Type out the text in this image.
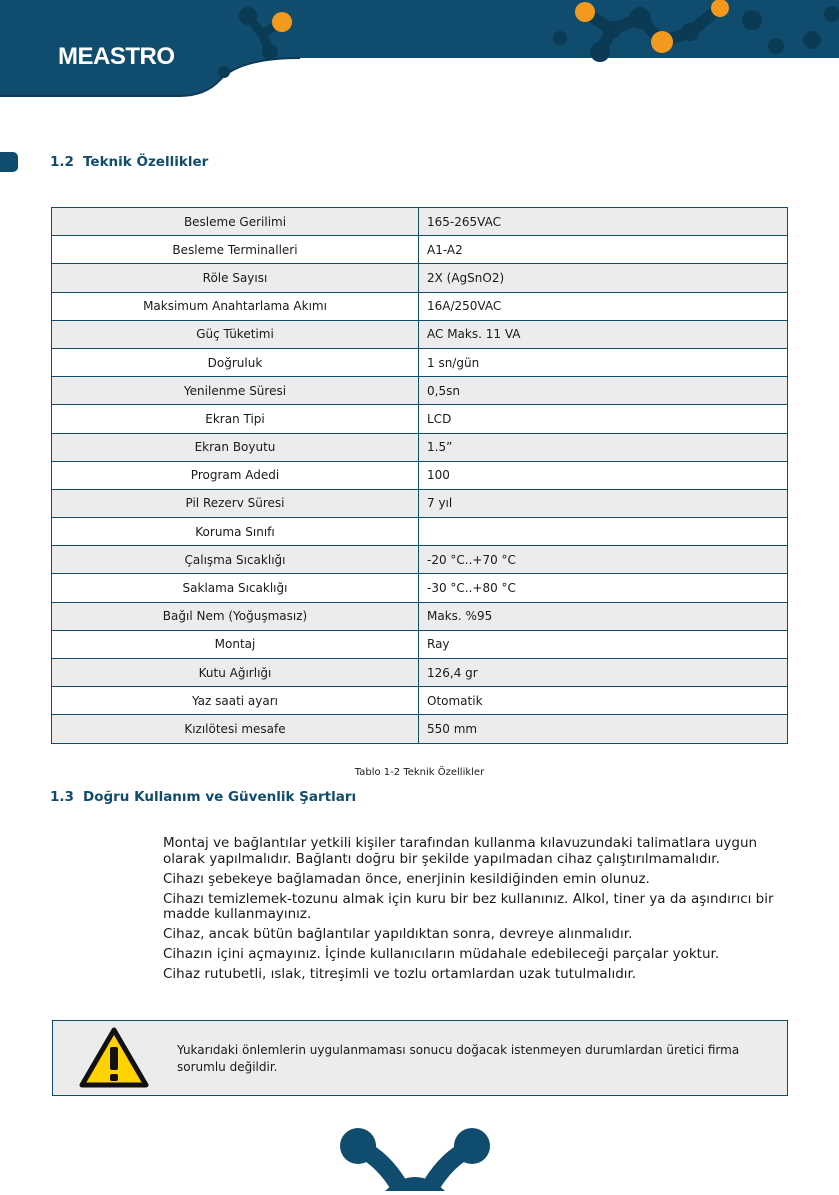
MEASTRO
1.2 Teknik Özellikler
Besleme Gerilimi	165-265VAC
Besleme Terminalleri	A1-A2
Röle Sayısı	2X (AgSnO2)
Maksimum Anahtarlama Akımı	16A/250VAC
Güç Tüketimi	AC Maks. 11 VA
Doğruluk	1 sn/gün
Yenilenme Süresi	0,5sn
Ekran Tipi	LCD
Ekran Boyutu	1.5”
Program Adedi	100
Pil Rezerv Süresi	7 yıl
Koruma Sınıfı	
Çalışma Sıcaklığı	-20 °C..+70 °C
Saklama Sıcaklığı	-30 °C..+80 °C
Bağıl Nem (Yoğuşmasız)	Maks. %95
Montaj	Ray
Kutu Ağırlığı	126,4 gr
Yaz saati ayarı	Otomatik
Kızılötesi mesafe	550 mm
Tablo 1-2 Teknik Özellikler
1.3 Doğru Kullanım ve Güvenlik Şartları

Montaj ve bağlantılar yetkili kişiler tarafından kullanma kılavuzundaki talimatlara uygun olarak yapılmalıdır. Bağlantı doğru bir şekilde yapılmadan cihaz çalıştırılmamalıdır.

Cihazı şebekeye bağlamadan önce, enerjinin kesildiğinden emin olunuz.

Cihazı temizlemek-tozunu almak için kuru bir bez kullanınız. Alkol, tiner ya da aşındırıcı bir madde kullanmayınız.

Cihaz, ancak bütün bağlantılar yapıldıktan sonra, devreye alınmalıdır.

Cihazın içini açmayınız. İçinde kullanıcıların müdahale edebileceği parçalar yoktur.

Cihaz rutubetli, ıslak, titreşimli ve tozlu ortamlardan uzak tutulmalıdır.

Yukarıdaki önlemlerin uygulanmaması sonucu doğacak istenmeyen durumlardan üretici firma sorumlu değildir.
